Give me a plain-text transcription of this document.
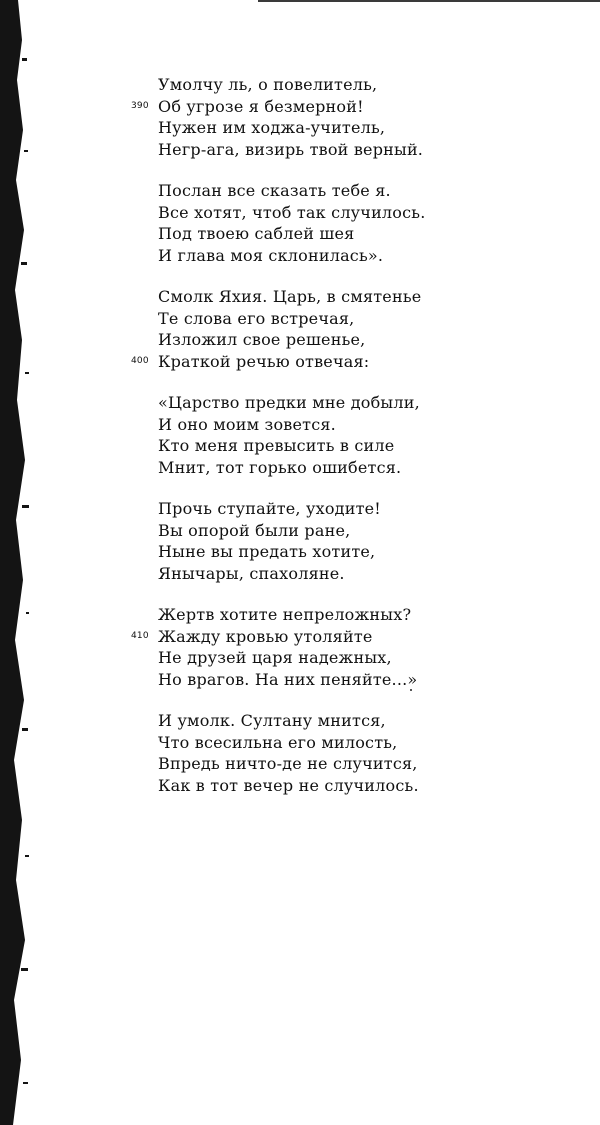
Умолчу ль, о повелитель,
Об угрозе я безмерной!
390
Нужен им ходжа-учитель,
Негр-ага, визирь твой верный.
Послан все сказать тебе я.
Все хотят, чтоб так случилось.
Под твоею саблей шея
И глава моя склонилась».
Смолк Яхия. Царь, в смятенье
Те слова его встречая,
Изложил свое решенье,
Краткой речью отвечая:
400
«Царство предки мне добыли,
И оно моим зовется.
Кто меня превысить в силе
Мнит, тот горько ошибется.
Прочь ступайте, уходите!
Вы опорой были ране,
Ныне вы предать хотите,
Янычары, спахоляне.
Жертв хотите непреложных?
Жажду кровью утоляйте
410
Не друзей царя надежных,
Но врагов. На них пеняйте...»
И умолк. Султану мнится,
Что всесильна его милость,
Впредь ничто-де не случится,
Как в тот вечер не случилось.
